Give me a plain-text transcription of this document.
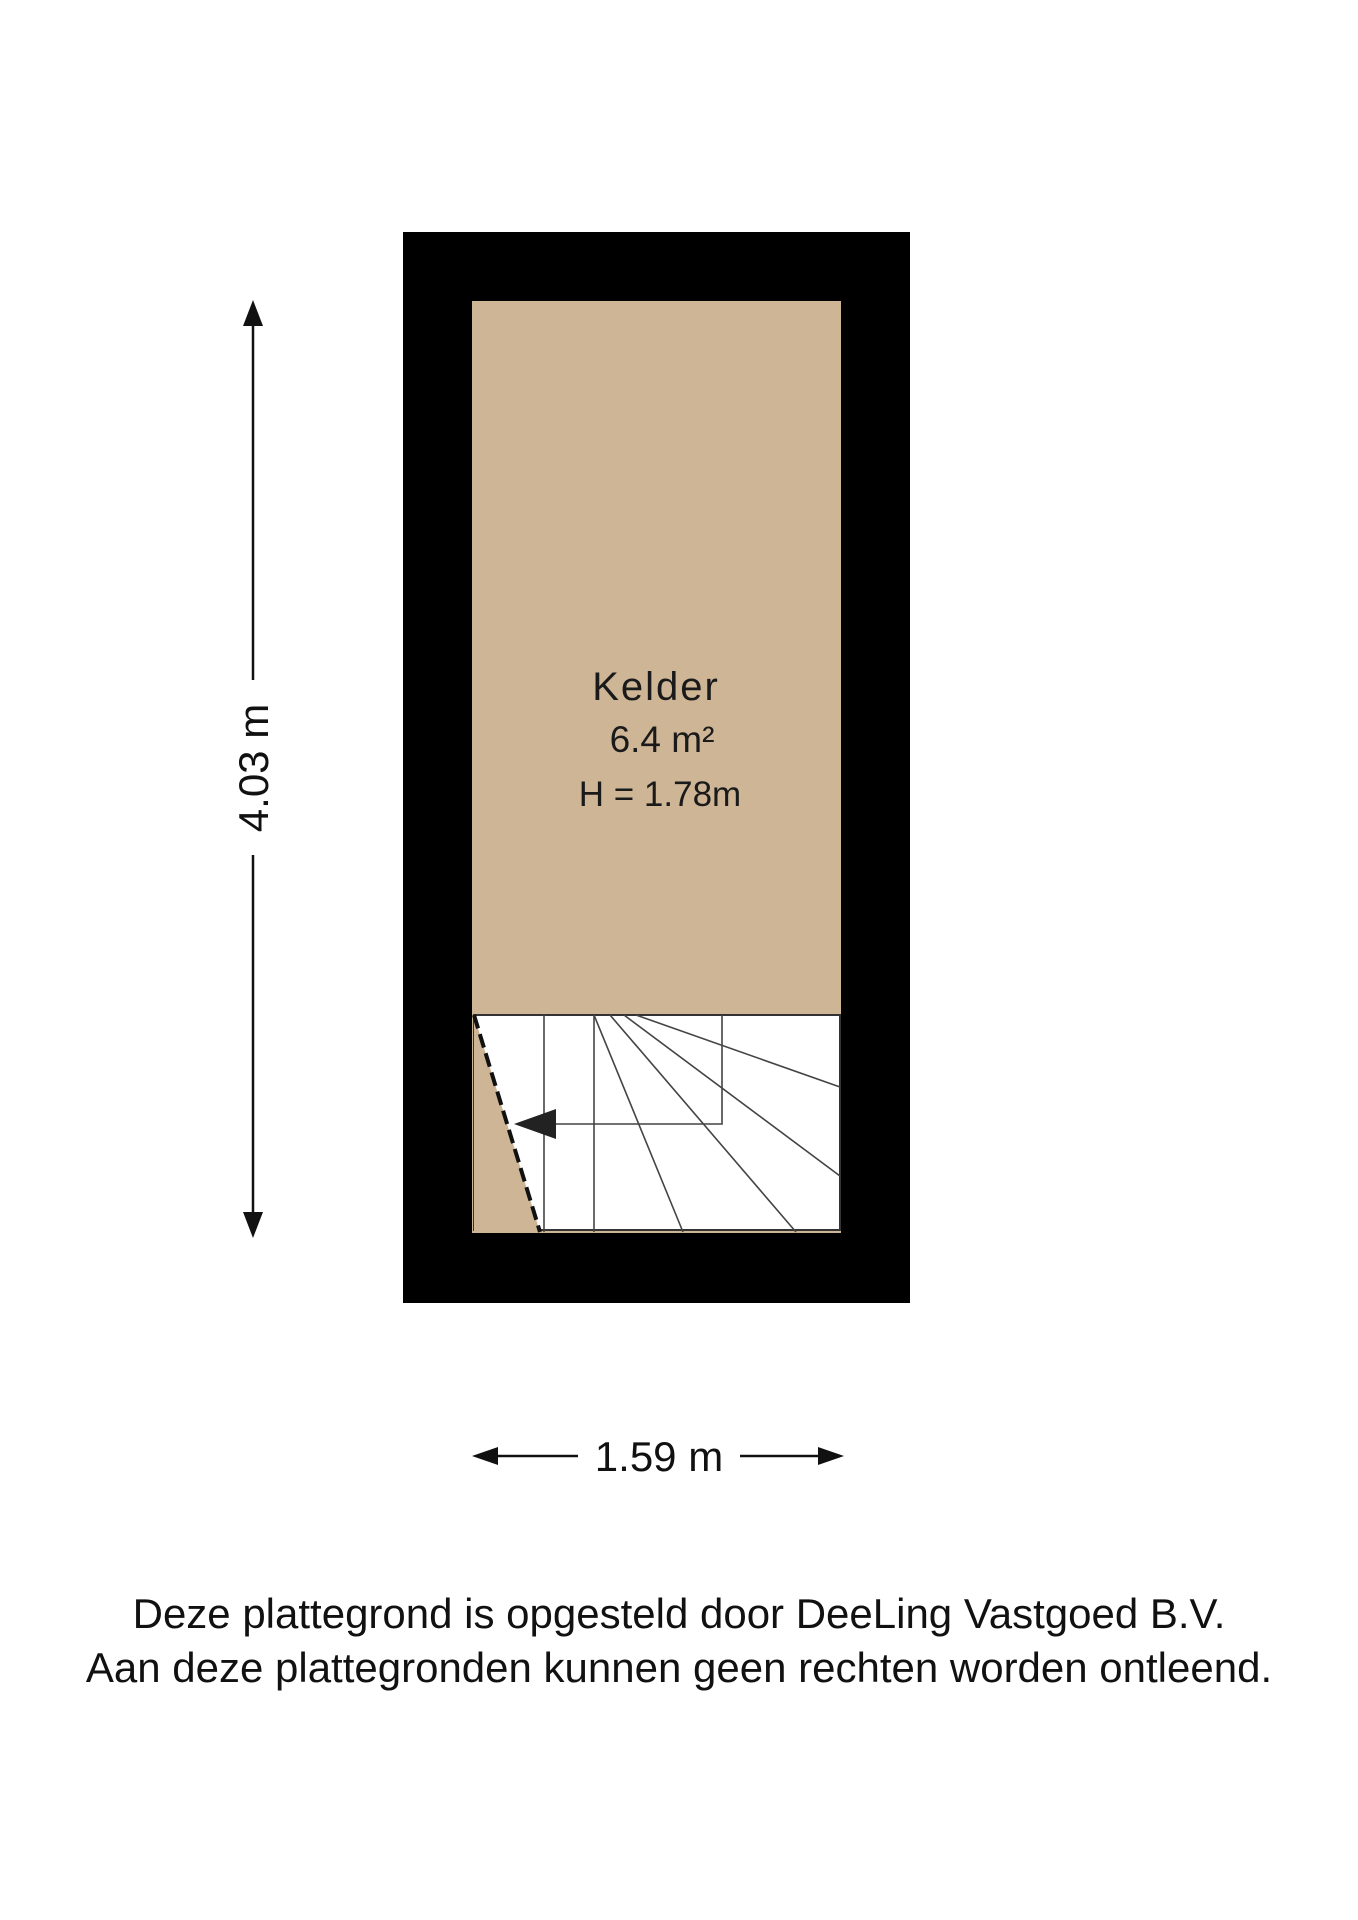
Kelder
6.4 m²
H = 1.78m
4.03 m
1.59 m
Deze plattegrond is opgesteld door DeeLing Vastgoed B.V.
Aan deze plattegronden kunnen geen rechten worden ontleend.
